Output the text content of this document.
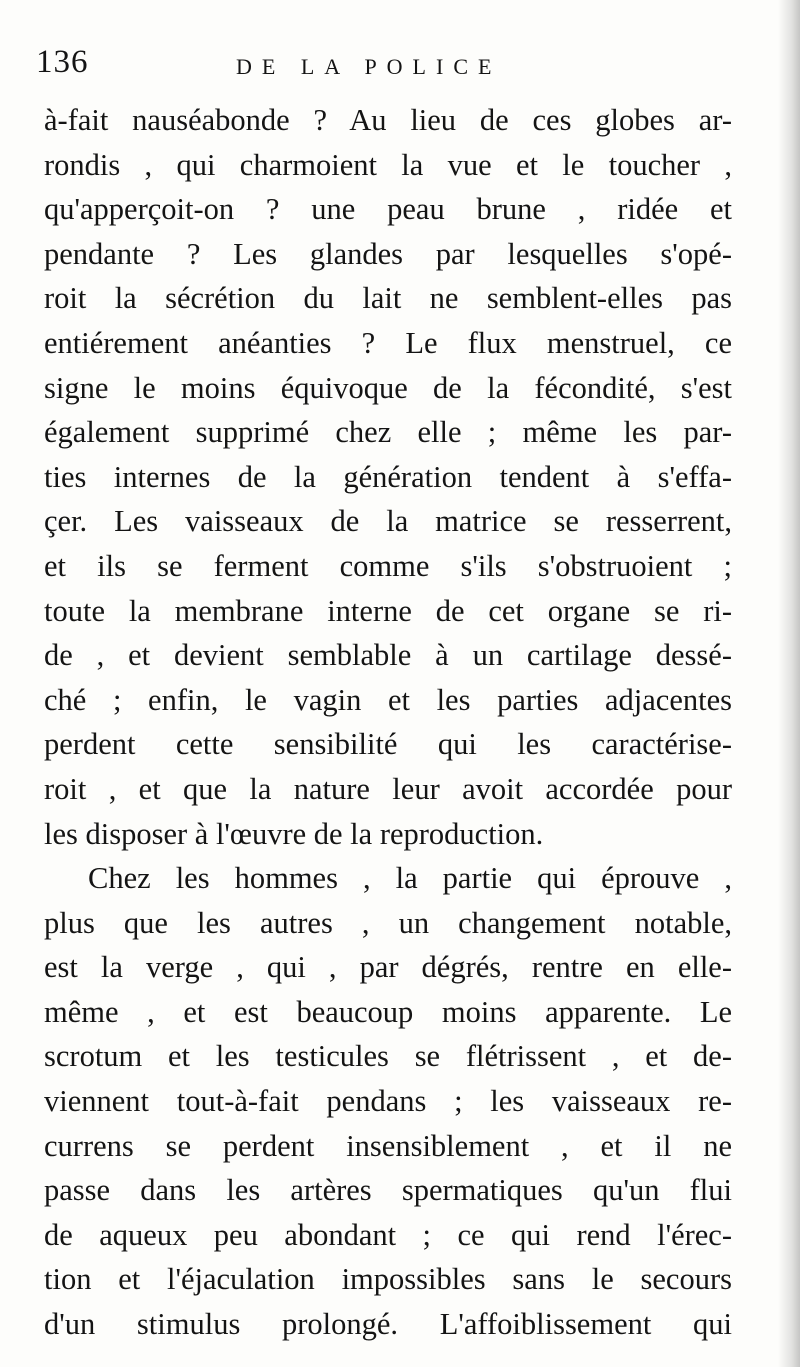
136	DE LA POLICE
à-fait nauséabonde ? Au lieu de ces globes ar-
rondis , qui charmoient la vue et le toucher ,
qu'apperçoit-on ? une peau brune , ridée et
pendante ? Les glandes par lesquelles s'opé-
roit la sécrétion du lait ne semblent-elles pas
entiérement anéanties ? Le flux menstruel, ce
signe le moins équivoque de la fécondité, s'est
également supprimé chez elle ; même les par-
ties internes de la génération tendent à s'effa-
çer. Les vaisseaux de la matrice se resserrent,
et ils se ferment comme s'ils s'obstruoient ;
toute la membrane interne de cet organe se ri-
de , et devient semblable à un cartilage dessé-
ché ; enfin, le vagin et les parties adjacentes
perdent cette sensibilité qui les caractérise-
roit , et que la nature leur avoit accordée pour
les disposer à l'œuvre de la reproduction.
Chez les hommes , la partie qui éprouve ,
plus que les autres , un changement notable,
est la verge , qui , par dégrés, rentre en elle-
même , et est beaucoup moins apparente. Le
scrotum et les testicules se flétrissent , et de-
viennent tout-à-fait pendans ; les vaisseaux re-
currens se perdent insensiblement , et il ne
passe dans les artères spermatiques qu'un flui
de aqueux peu abondant ; ce qui rend l'érec-
tion et l'éjaculation impossibles sans le secours
d'un stimulus prolongé. L'affoiblissement qui
